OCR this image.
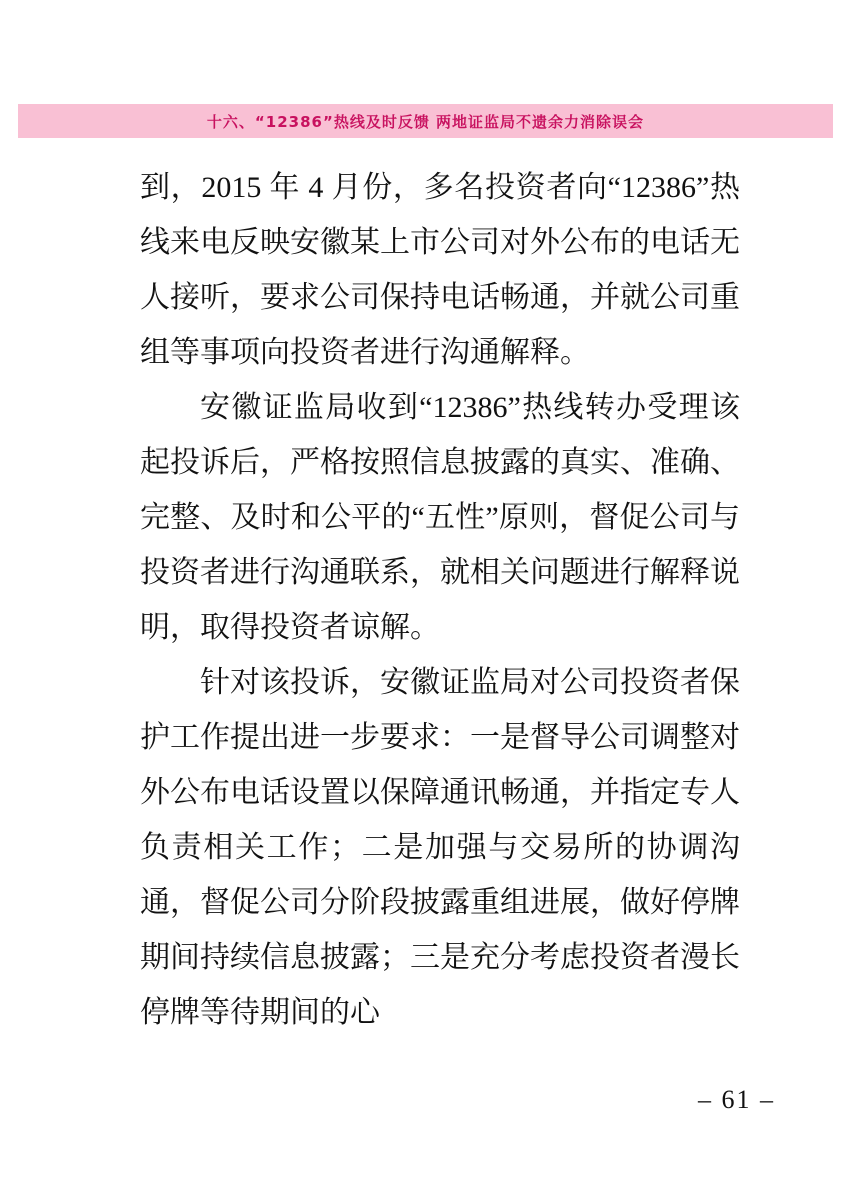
十六、“12386”热线及时反馈 两地证监局不遗余力消除误会

到，2015 年 4 月份，多名投资者向“12386”热线来电反映安徽某上市公司对外公布的电话无人接听，要求公司保持电话畅通，并就公司重组等事项向投资者进行沟通解释。

安徽证监局收到“12386”热线转办受理该起投诉后，严格按照信息披露的真实、准确、完整、及时和公平的“五性”原则，督促公司与投资者进行沟通联系，就相关问题进行解释说明，取得投资者谅解。

针对该投诉，安徽证监局对公司投资者保护工作提出进一步要求：一是督导公司调整对外公布电话设置以保障通讯畅通，并指定专人负责相关工作；二是加强与交易所的协调沟通，督促公司分阶段披露重组进展，做好停牌期间持续信息披露；三是充分考虑投资者漫长停牌等待期间的心

– 61 –
